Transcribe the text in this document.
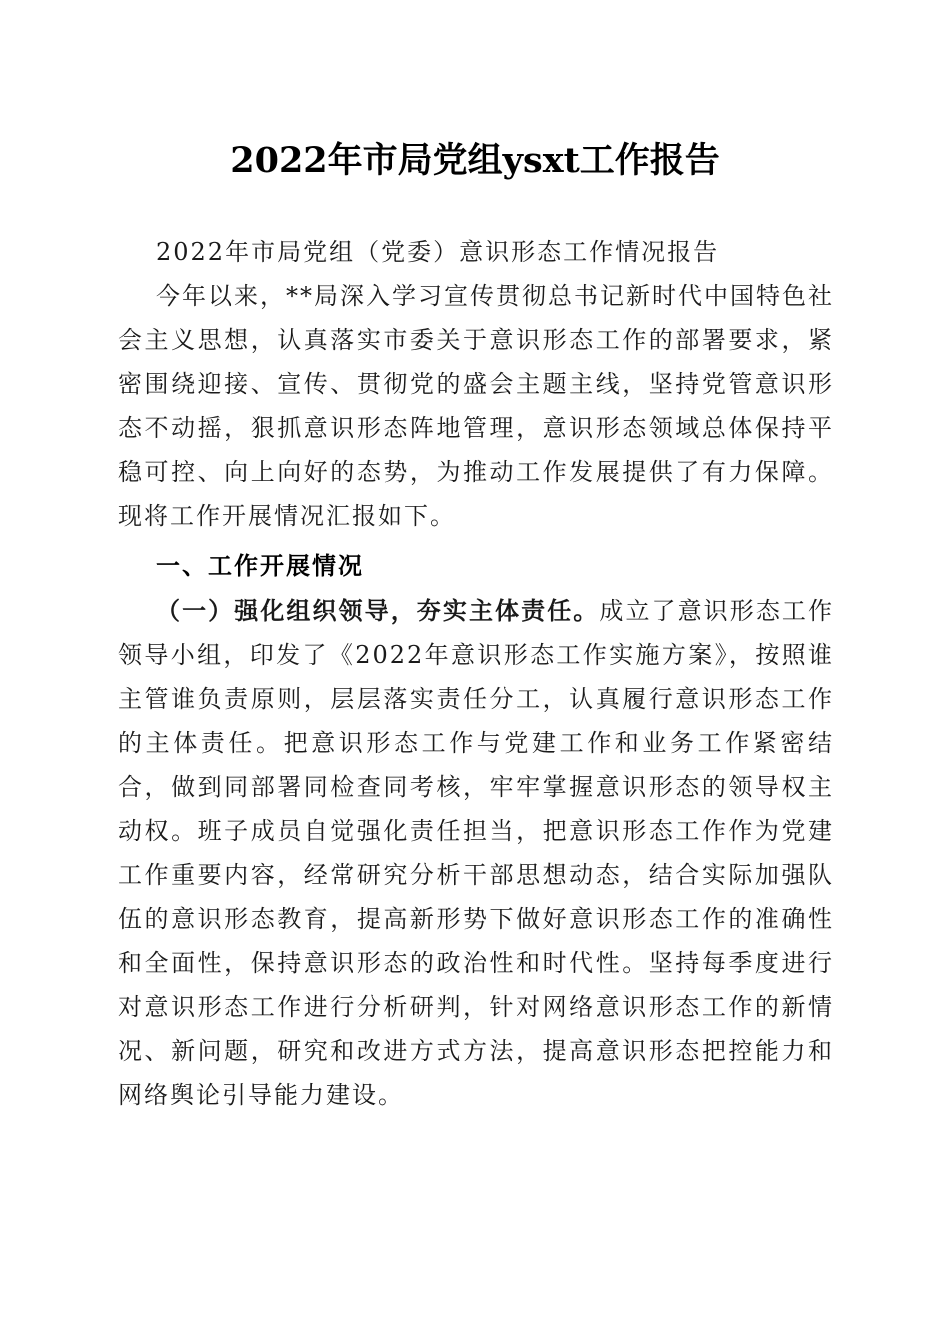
2022年市局党组ysxt工作报告
2022年市局党组（党委）意识形态工作情况报告
今年以来，**局深入学习宣传贯彻总书记新时代中国特色社会主义思想，认真落实市委关于意识形态工作的部署要求，紧密围绕迎接、宣传、贯彻党的盛会主题主线，坚持党管意识形态不动摇，狠抓意识形态阵地管理，意识形态领域总体保持平稳可控、向上向好的态势，为推动工作发展提供了有力保障。现将工作开展情况汇报如下。
一、工作开展情况
（一）强化组织领导，夯实主体责任。成立了意识形态工作领导小组，印发了《2022年意识形态工作实施方案》，按照谁主管谁负责原则，层层落实责任分工，认真履行意识形态工作的主体责任。把意识形态工作与党建工作和业务工作紧密结合，做到同部署同检查同考核，牢牢掌握意识形态的领导权主动权。班子成员自觉强化责任担当，把意识形态工作作为党建工作重要内容，经常研究分析干部思想动态，结合实际加强队伍的意识形态教育，提高新形势下做好意识形态工作的准确性和全面性，保持意识形态的政治性和时代性。坚持每季度进行对意识形态工作进行分析研判，针对网络意识形态工作的新情况、新问题，研究和改进方式方法，提高意识形态把控能力和网络舆论引导能力建设。
